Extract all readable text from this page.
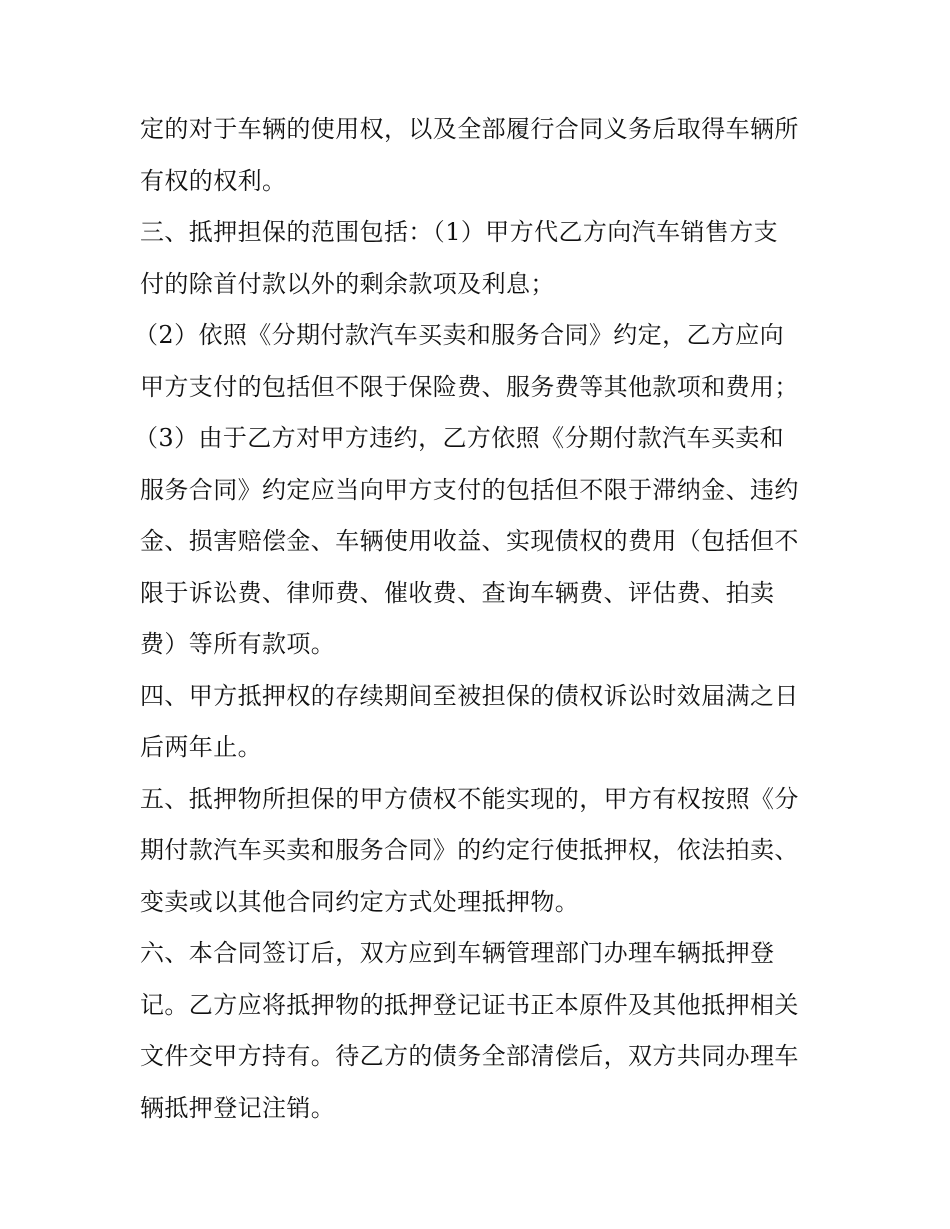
定的对于车辆的使用权，以及全部履行合同义务后取得车辆所
有权的权利。
三、抵押担保的范围包括：（1）甲方代乙方向汽车销售方支
付的除首付款以外的剩余款项及利息；
（2）依照《分期付款汽车买卖和服务合同》约定，乙方应向
甲方支付的包括但不限于保险费、服务费等其他款项和费用；
（3）由于乙方对甲方违约，乙方依照《分期付款汽车买卖和
服务合同》约定应当向甲方支付的包括但不限于滞纳金、违约
金、损害赔偿金、车辆使用收益、实现债权的费用（包括但不
限于诉讼费、律师费、催收费、查询车辆费、评估费、拍卖
费）等所有款项。
四、甲方抵押权的存续期间至被担保的债权诉讼时效届满之日
后两年止。
五、抵押物所担保的甲方债权不能实现的，甲方有权按照《分
期付款汽车买卖和服务合同》的约定行使抵押权，依法拍卖、
变卖或以其他合同约定方式处理抵押物。
六、本合同签订后，双方应到车辆管理部门办理车辆抵押登
记。乙方应将抵押物的抵押登记证书正本原件及其他抵押相关
文件交甲方持有。待乙方的债务全部清偿后，双方共同办理车
辆抵押登记注销。
